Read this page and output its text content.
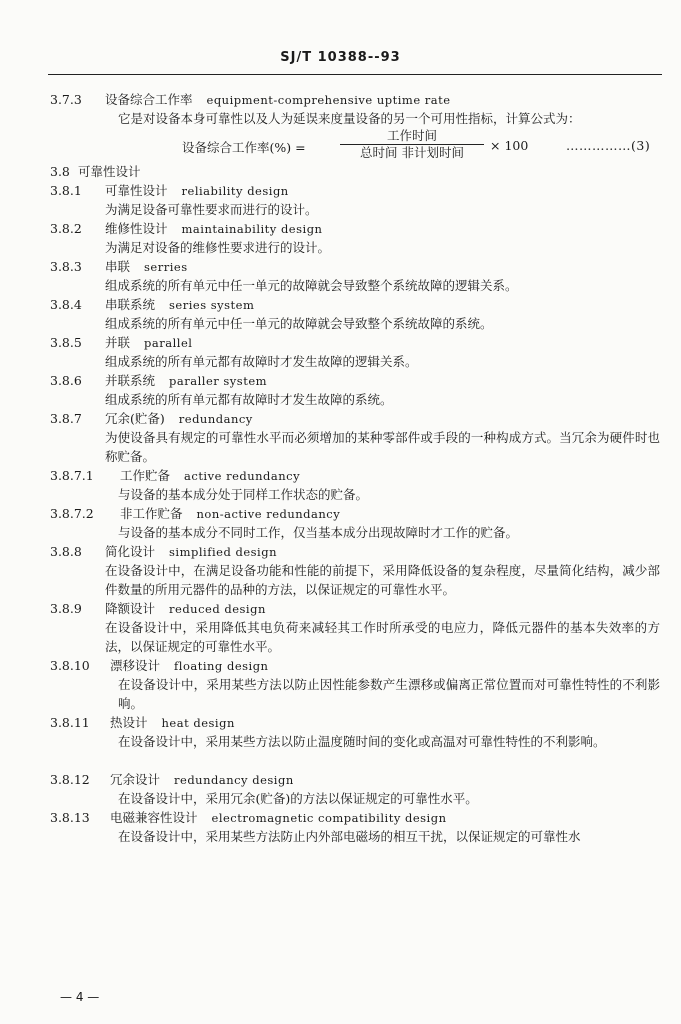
SJ/T 10388--93
3.7.3 设备综合工作率 equipment-comprehensive uptime rate
它是对设备本身可靠性以及人为延误来度量设备的另一个可用性指标，计算公式为：
设备综合工作率(%) =
工作时间
总时间 非计划时间	× 100	……………(3)
3.8 可靠性设计
3.8.1 可靠性设计 reliability design
为满足设备可靠性要求而进行的设计。
3.8.2 维修性设计 maintainability design
为满足对设备的维修性要求进行的设计。
3.8.3 串联 serries
组成系统的所有单元中任一单元的故障就会导致整个系统故障的逻辑关系。
3.8.4 串联系统 series system
组成系统的所有单元中任一单元的故障就会导致整个系统故障的系统。
3.8.5 并联 parallel
组成系统的所有单元都有故障时才发生故障的逻辑关系。
3.8.6 并联系统 paraller system
组成系统的所有单元都有故障时才发生故障的系统。
3.8.7 冗余(贮备) redundancy
为使设备具有规定的可靠性水平而必须增加的某种零部件或手段的一种构成方式。当冗余为硬件时也称贮备。
3.8.7.1 工作贮备 active redundancy
与设备的基本成分处于同样工作状态的贮备。
3.8.7.2 非工作贮备 non-active redundancy
与设备的基本成分不同时工作，仅当基本成分出现故障时才工作的贮备。
3.8.8 简化设计 simplified design
在设备设计中，在满足设备功能和性能的前提下，采用降低设备的复杂程度，尽量简化结构，减少部件数量的所用元器件的品种的方法，以保证规定的可靠性水平。
3.8.9 降额设计 reduced design
在设备设计中，采用降低其电负荷来减轻其工作时所承受的电应力，降低元器件的基本失效率的方法，以保证规定的可靠性水平。
3.8.10 漂移设计 floating design
在设备设计中，采用某些方法以防止因性能参数产生漂移或偏离正常位置而对可靠性特性的不利影响。
3.8.11 热设计 heat design
在设备设计中，采用某些方法以防止温度随时间的变化或高温对可靠性特性的不利影响。
3.8.12 冗余设计 redundancy design
在设备设计中，采用冗余(贮备)的方法以保证规定的可靠性水平。
3.8.13 电磁兼容性设计 electromagnetic compatibility design
在设备设计中，采用某些方法防止内外部电磁场的相互干扰，以保证规定的可靠性水
— 4 —
